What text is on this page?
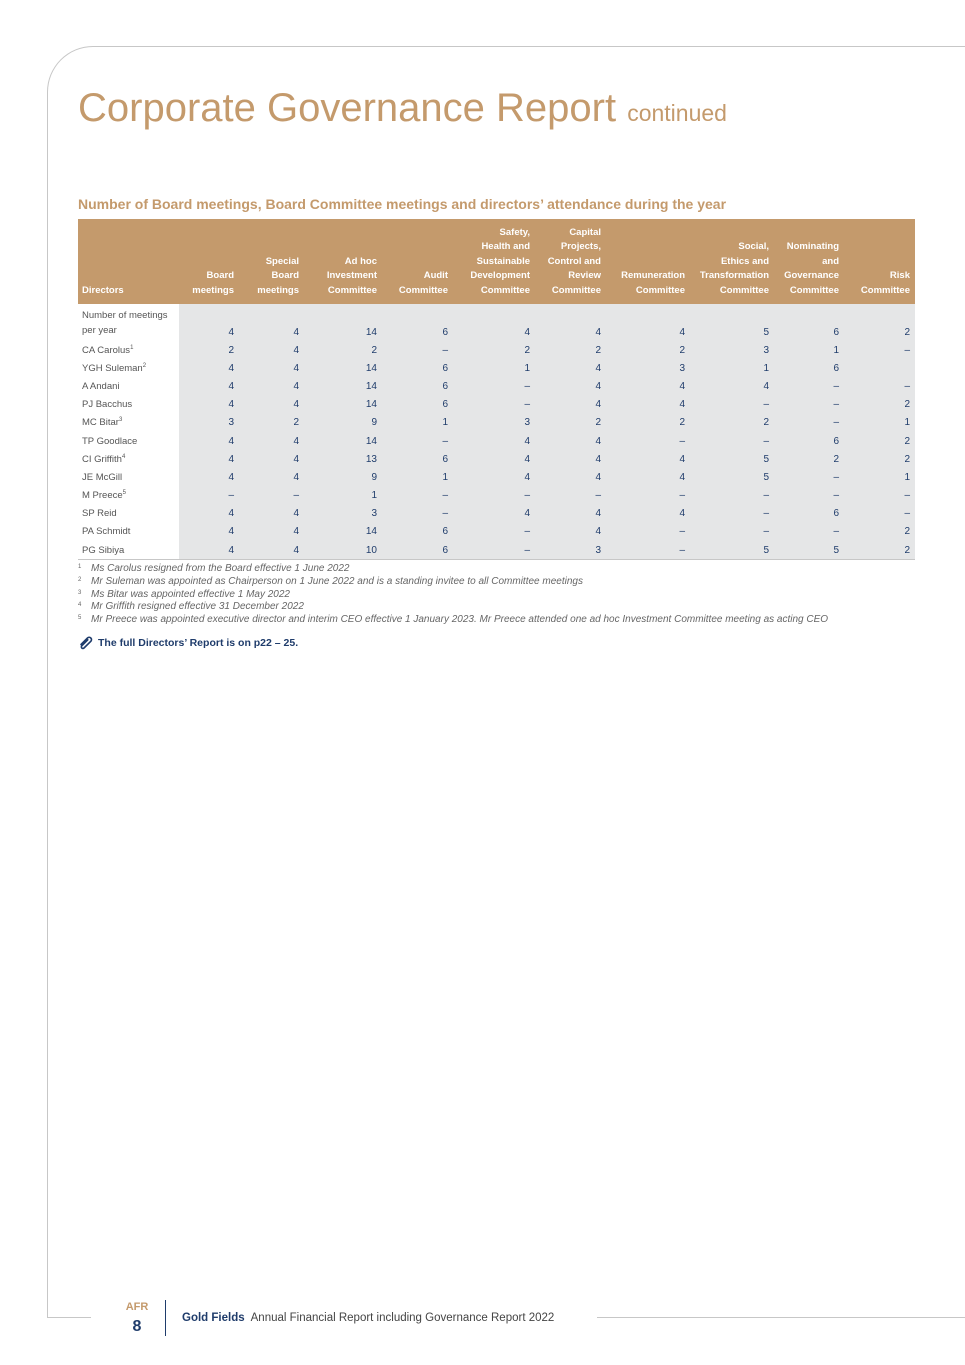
Corporate Governance Report continued
Number of Board meetings, Board Committee meetings and directors’ attendance during the year
Directors	Board
meetings	Special
Board
meetings	Ad hoc
Investment
Committee	Audit
Committee	Safety,
Health and
Sustainable
Development
Committee	Capital
Projects,
Control and
Review
Committee	Remuneration
Committee	Social,
Ethics and
Transformation
Committee	Nominating
and
Governance
Committee	Risk
Committee
Number of meetings
per year	4	4	14	6	4	4	4	5	6	2
CA Carolus$^1$	2	4	2	–	2	2	2	3	1	–
YGH Suleman$^2$	4	4	14	6	1	4	3	1	6	
A Andani	4	4	14	6	–	4	4	4	–	–
PJ Bacchus	4	4	14	6	–	4	4	–	–	2
MC Bitar$^3$	3	2	9	1	3	2	2	2	–	1
TP Goodlace	4	4	14	–	4	4	–	–	6	2
CI Griffith$^4$	4	4	13	6	4	4	4	5	2	2
JE McGill	4	4	9	1	4	4	4	5	–	1
M Preece$^5$	–	–	1	–	–	–	–	–	–	–
SP Reid	4	4	3	–	4	4	4	–	6	–
PA Schmidt	4	4	14	6	–	4	–	–	–	2
PG Sibiya	4	4	10	6	–	3	–	5	5	2
1 Ms Carolus resigned from the Board effective 1 June 2022
2 Mr Suleman was appointed as Chairperson on 1 June 2022 and is a standing invitee to all Committee meetings
3 Ms Bitar was appointed effective 1 May 2022
4 Mr Griffith resigned effective 31 December 2022
5 Mr Preece was appointed executive director and interim CEO effective 1 January 2023. Mr Preece attended one ad hoc Investment Committee meeting as acting CEO
The full Directors’ Report is on p22 – 25.
AFR
8	Gold Fields Annual Financial Report including Governance Report 2022
